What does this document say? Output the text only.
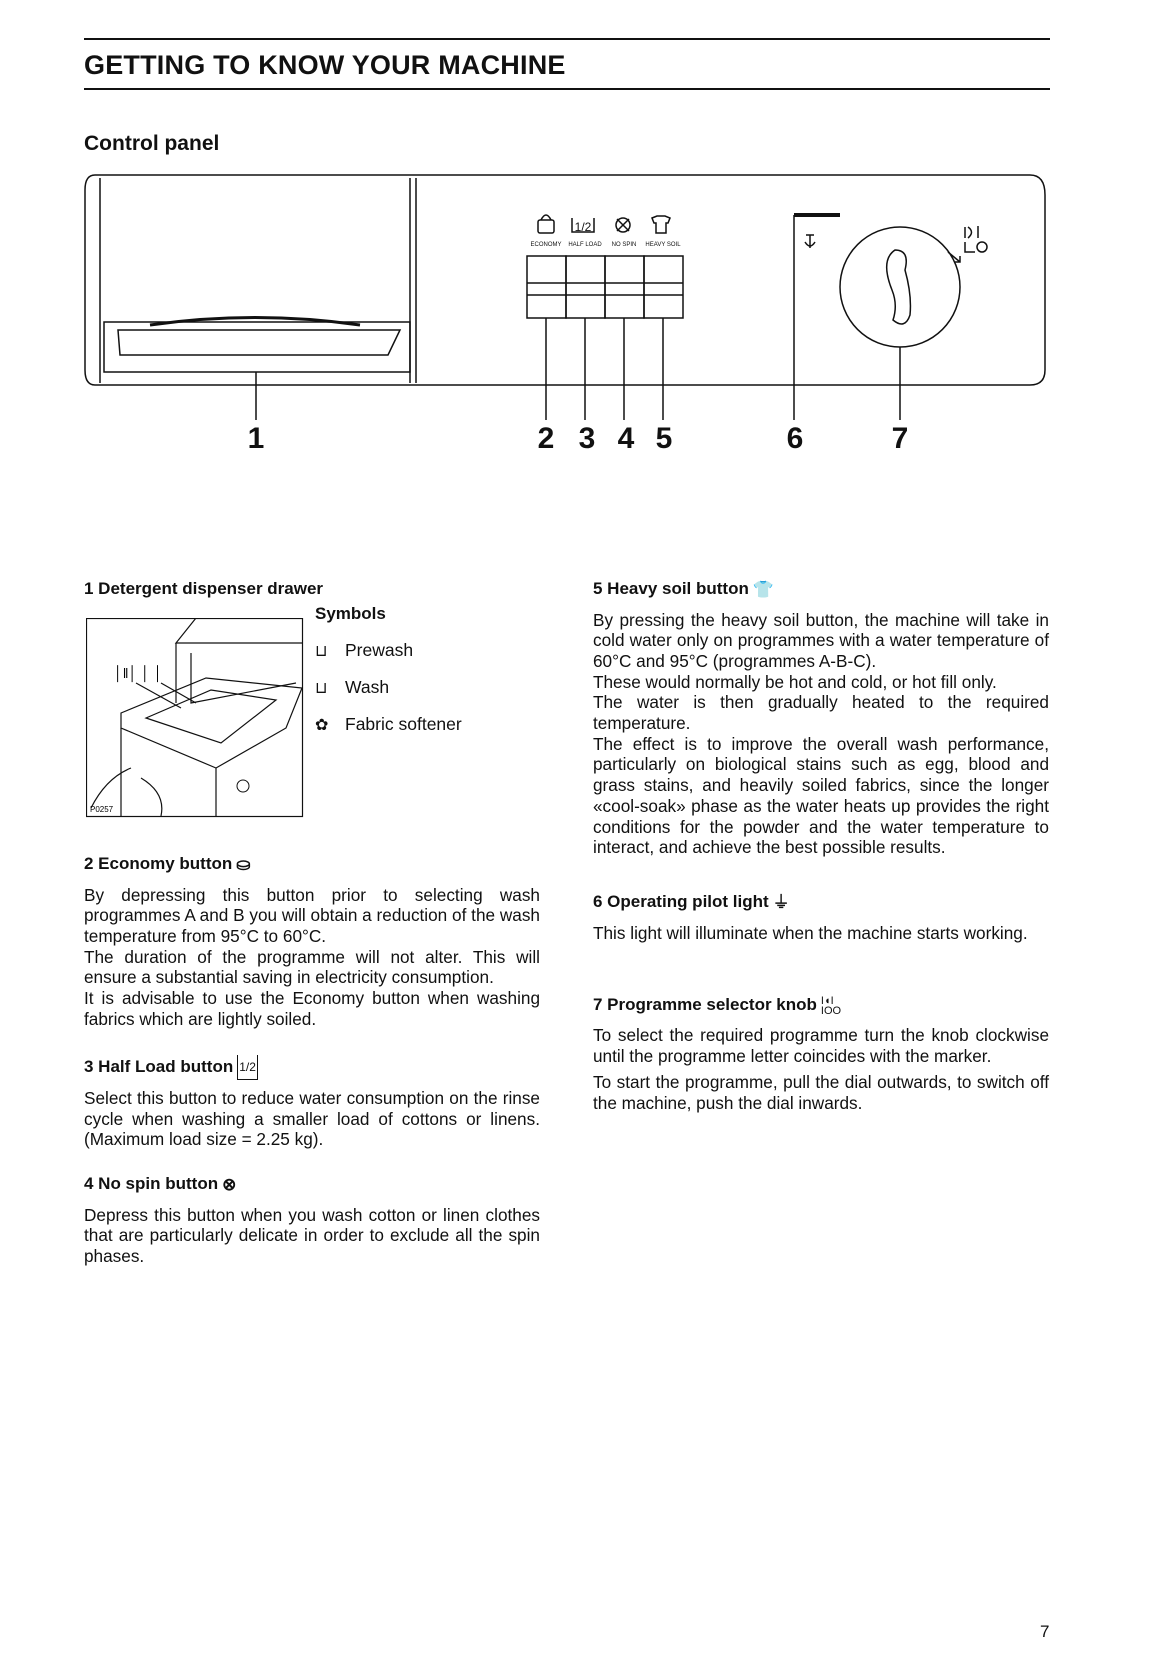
GETTING TO KNOW YOUR MACHINE
Control panel
ECONOMY HALF LOAD NO SPIN HEAVY SOIL
1/2
1	2 3 4 5	6	7
1 Detergent dispenser drawer
│‖│ │ │
P0257
Symbols
⊔	Prewash
⊔	Wash
✿ Fabric softener
2 Economy button ⛀

By depressing this button prior to selecting wash programmes A and B you will obtain a reduction of the wash temperature from 95°C to 60°C.

The duration of the programme will not alter. This will ensure a substantial saving in electricity consumption.

It is advisable to use the Economy button when washing fabrics which are lightly soiled.

3 Half Load button 1/2

Select this button to reduce water consumption on the rinse cycle when washing a smaller load of cottons or linens. (Maximum load size = 2.25 kg).

4 No spin button ⊗

Depress this button when you wash cotton or linen clothes that are particularly delicate in order to exclude all the spin phases.

5 Heavy soil button 👕

By pressing the heavy soil button, the machine will take in cold water only on programmes with a water temperature of 60°C and 95°C (programmes A-B-C).

These would normally be hot and cold, or hot fill only.

The water is then gradually heated to the required temperature.

The effect is to improve the overall wash performance, particularly on biological stains such as egg, blood and grass stains, and heavily soiled fabrics, since the longer «cool-soak» phase as the water heats up provides the right conditions for the powder and the water temperature to interact, and achieve the best possible results.

6 Operating pilot light ⏚

This light will illuminate when the machine starts working.

7 Programme selector knob I◖I
IOO

To select the required programme turn the knob clockwise until the programme letter coincides with the marker.

To start the programme, pull the dial outwards, to switch off the machine, push the dial inwards.

7
